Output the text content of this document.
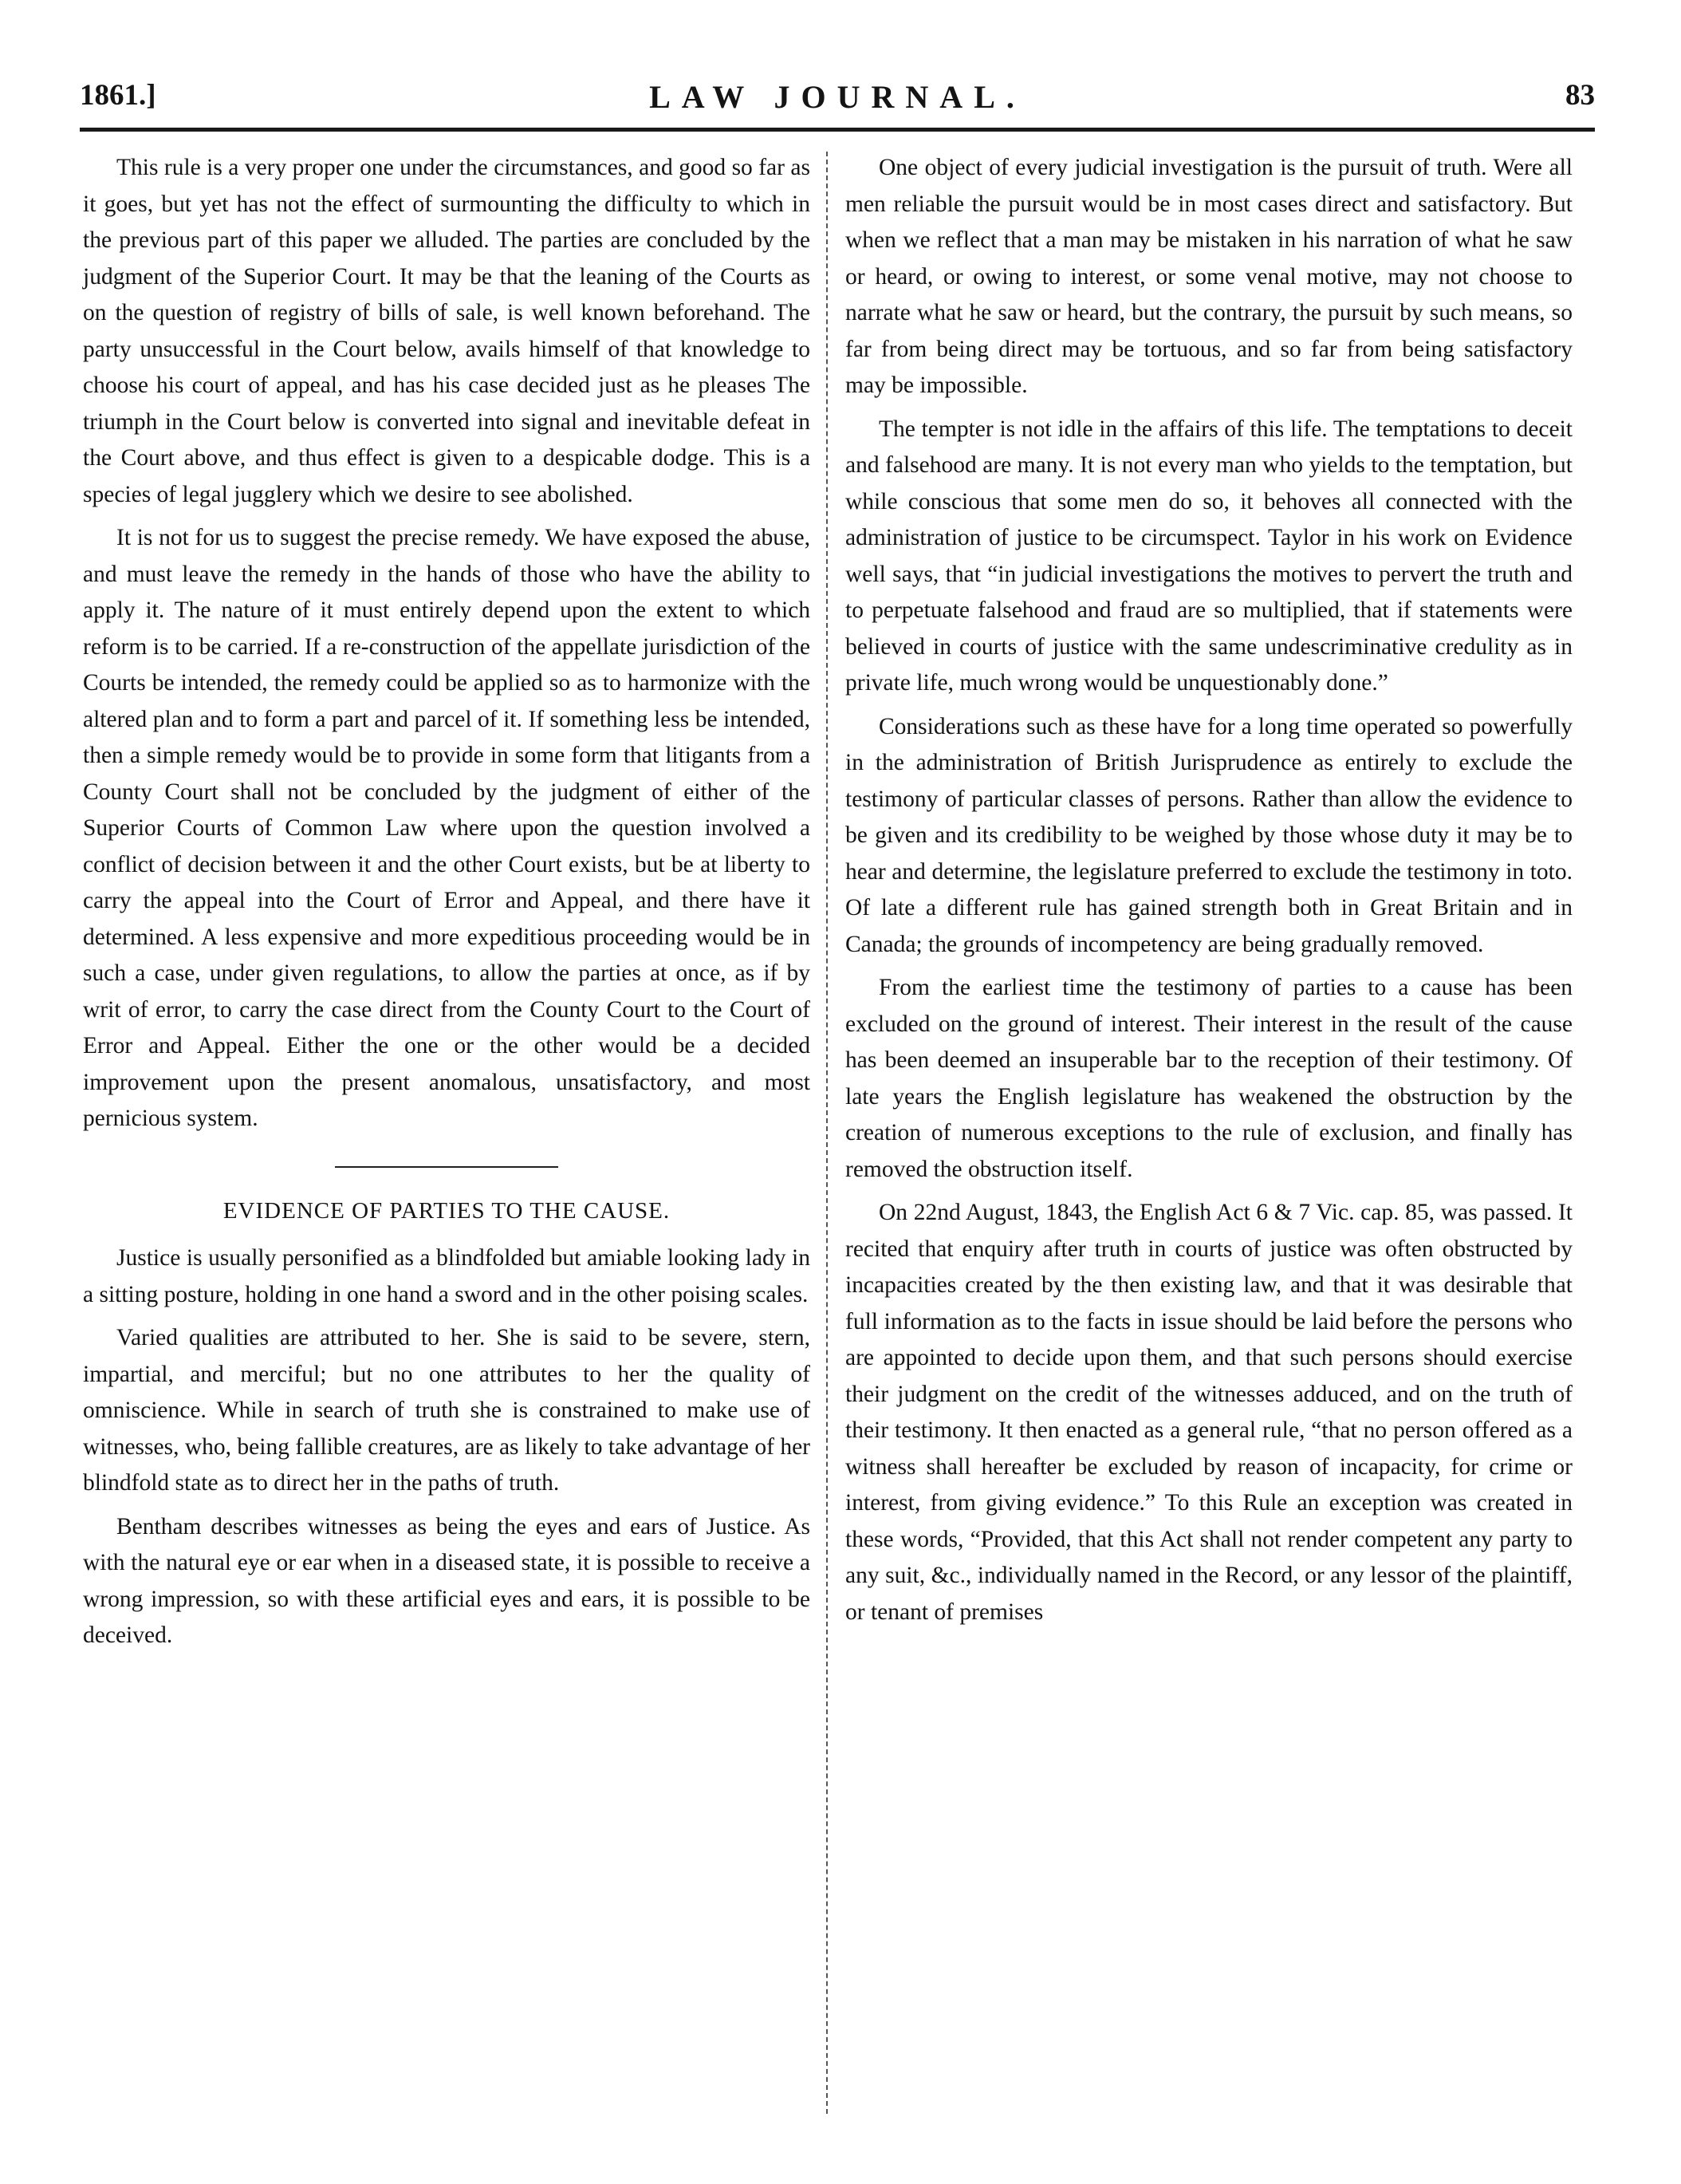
1861.]	LAW JOURNAL.	83

This rule is a very proper one under the circumstances, and good so far as it goes, but yet has not the effect of surmounting the difficulty to which in the previous part of this paper we alluded. The parties are concluded by the judgment of the Superior Court. It may be that the leaning of the Courts as on the question of registry of bills of sale, is well known beforehand. The party unsuccessful in the Court below, avails himself of that knowledge to choose his court of appeal, and has his case decided just as he pleases The triumph in the Court below is converted into signal and inevitable defeat in the Court above, and thus effect is given to a despicable dodge. This is a species of legal jugglery which we desire to see abolished.

It is not for us to suggest the precise remedy. We have exposed the abuse, and must leave the remedy in the hands of those who have the ability to apply it. The nature of it must entirely depend upon the extent to which reform is to be carried. If a re-construction of the appellate jurisdiction of the Courts be intended, the remedy could be applied so as to harmonize with the altered plan and to form a part and parcel of it. If something less be intended, then a simple remedy would be to provide in some form that litigants from a County Court shall not be concluded by the judgment of either of the Superior Courts of Common Law where upon the question involved a conflict of decision between it and the other Court exists, but be at liberty to carry the appeal into the Court of Error and Appeal, and there have it determined. A less expensive and more expeditious proceeding would be in such a case, under given regulations, to allow the parties at once, as if by writ of error, to carry the case direct from the County Court to the Court of Error and Appeal. Either the one or the other would be a decided improvement upon the present anomalous, unsatisfactory, and most pernicious system.

EVIDENCE OF PARTIES TO THE CAUSE.

Justice is usually personified as a blindfolded but amiable looking lady in a sitting posture, holding in one hand a sword and in the other poising scales.

Varied qualities are attributed to her. She is said to be severe, stern, impartial, and merciful; but no one attributes to her the quality of omniscience. While in search of truth she is constrained to make use of witnesses, who, being fallible creatures, are as likely to take advantage of her blindfold state as to direct her in the paths of truth.

Bentham describes witnesses as being the eyes and ears of Justice. As with the natural eye or ear when in a diseased state, it is possible to receive a wrong impression, so with these artificial eyes and ears, it is possible to be deceived.

One object of every judicial investigation is the pursuit of truth. Were all men reliable the pursuit would be in most cases direct and satisfactory. But when we reflect that a man may be mistaken in his narration of what he saw or heard, or owing to interest, or some venal motive, may not choose to narrate what he saw or heard, but the contrary, the pursuit by such means, so far from being direct may be tortuous, and so far from being satisfactory may be impossible.

The tempter is not idle in the affairs of this life. The temptations to deceit and falsehood are many. It is not every man who yields to the temptation, but while conscious that some men do so, it behoves all connected with the administration of justice to be circumspect. Taylor in his work on Evidence well says, that “in judicial investigations the motives to pervert the truth and to perpetuate falsehood and fraud are so multiplied, that if statements were believed in courts of justice with the same undescriminative credulity as in private life, much wrong would be unquestionably done.”

Considerations such as these have for a long time operated so powerfully in the administration of British Jurisprudence as entirely to exclude the testimony of particular classes of persons. Rather than allow the evidence to be given and its credibility to be weighed by those whose duty it may be to hear and determine, the legislature preferred to exclude the testimony in toto. Of late a different rule has gained strength both in Great Britain and in Canada; the grounds of incompetency are being gradually removed.

From the earliest time the testimony of parties to a cause has been excluded on the ground of interest. Their interest in the result of the cause has been deemed an insuperable bar to the reception of their testimony. Of late years the English legislature has weakened the obstruction by the creation of numerous exceptions to the rule of exclusion, and finally has removed the obstruction itself.

On 22nd August, 1843, the English Act 6 & 7 Vic. cap. 85, was passed. It recited that enquiry after truth in courts of justice was often obstructed by incapacities created by the then existing law, and that it was desirable that full information as to the facts in issue should be laid before the persons who are appointed to decide upon them, and that such persons should exercise their judgment on the credit of the witnesses adduced, and on the truth of their testimony. It then enacted as a general rule, “that no person offered as a witness shall hereafter be excluded by reason of incapacity, for crime or interest, from giving evidence.” To this Rule an exception was created in these words, “Provided, that this Act shall not render competent any party to any suit, &c., individually named in the Record, or any lessor of the plaintiff, or tenant of premises
